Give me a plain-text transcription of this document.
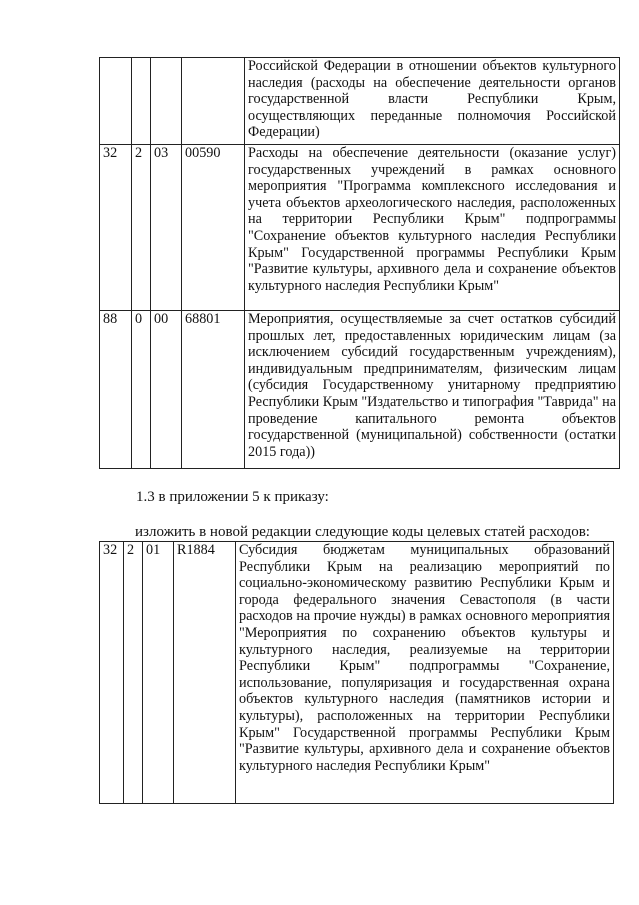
				Российской Федерации в отношении объектов культурного наследия (расходы на обеспечение деятельности органов государственной власти Республики Крым, осуществляющих переданные полномочия Российской Федерации)
32	2	03	00590	Расходы на обеспечение деятельности (оказание услуг) государственных учреждений в рамках основного мероприятия "Программа комплексного исследования и учета объектов археологического наследия, расположенных на территории Республики Крым" подпрограммы "Сохранение объектов культурного наследия Республики Крым" Государственной программы Республики Крым "Развитие культуры, архивного дела и сохранение объектов культурного наследия Республики Крым"
88	0	00	68801	Мероприятия, осуществляемые за счет остатков субсидий прошлых лет, предоставленных юридическим лицам (за исключением субсидий государственным учреждениям), индивидуальным предпринимателям, физическим лицам (субсидия Государственному унитарному предприятию Республики Крым "Издательство и типография "Таврида" на проведение капитального ремонта объектов государственной (муниципальной) собственности (остатки 2015 года))

1.3 в приложении 5 к приказу:

изложить в новой редакции следующие коды целевых статей расходов:

32	2	01	R1884	Субсидия бюджетам муниципальных образований Республики Крым на реализацию мероприятий по социально-экономическому развитию Республики Крым и города федерального значения Севастополя (в части расходов на прочие нужды) в рамках основного мероприятия "Мероприятия по сохранению объектов культуры и культурного наследия, реализуемые на территории Республики Крым" подпрограммы "Сохранение, использование, популяризация и государственная охрана объектов культурного наследия (памятников истории и культуры), расположенных на территории Республики Крым" Государственной программы Республики Крым "Развитие культуры, архивного дела и сохранение объектов культурного наследия Республики Крым"
